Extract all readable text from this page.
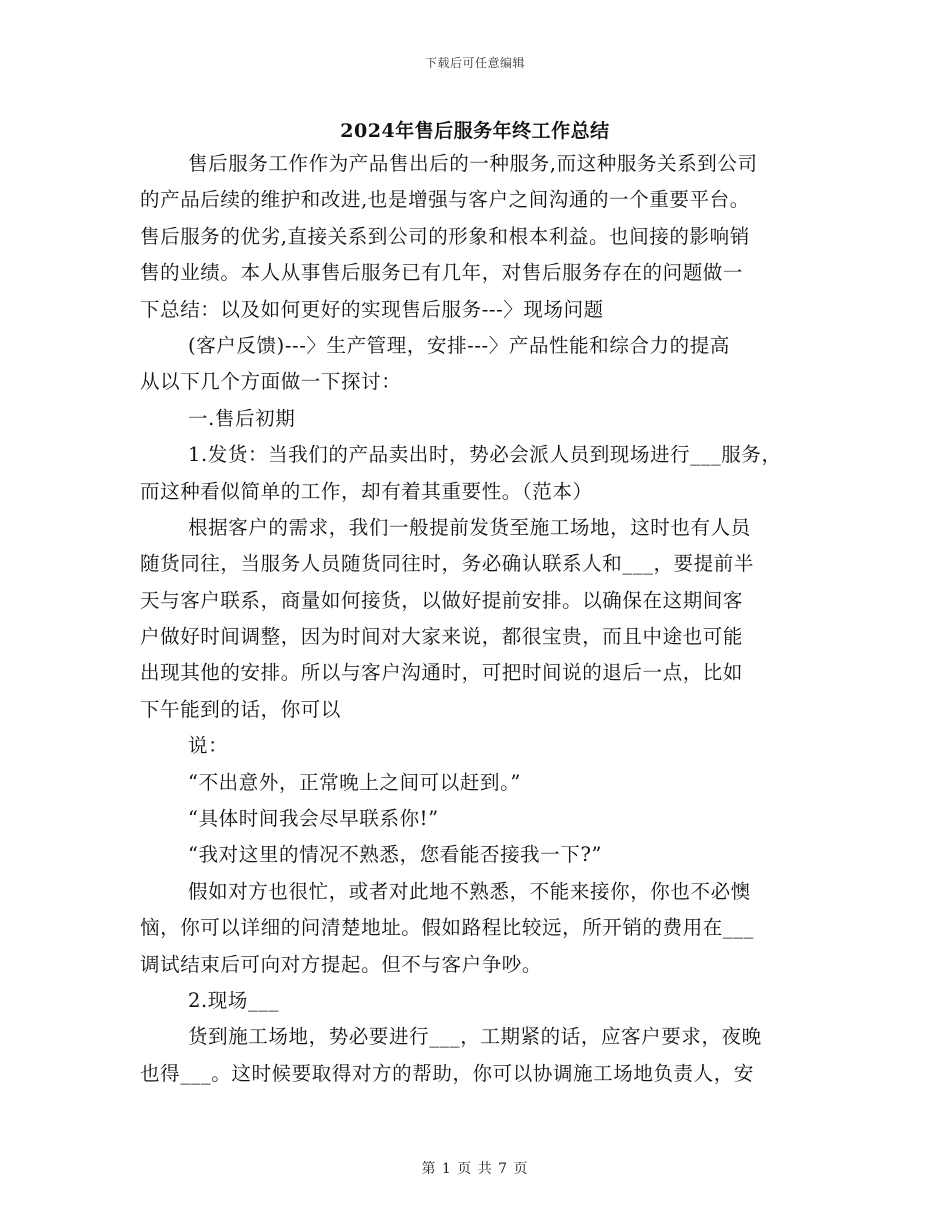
下载后可任意编辑
2024年售后服务年终工作总结
售后服务工作作为产品售出后的一种服务,而这种服务关系到公司
的产品后续的维护和改进,也是增强与客户之间沟通的一个重要平台。
售后服务的优劣,直接关系到公司的形象和根本利益。也间接的影响销
售的业绩。本人从事售后服务已有几年，对售后服务存在的问题做一
下总结：以及如何更好的实现售后服务---〉现场问题
(客户反馈)---〉生产管理，安排---〉产品性能和综合力的提高
从以下几个方面做一下探讨：
一.售后初期
1.发货：当我们的产品卖出时，势必会派人员到现场进行___服务，
而这种看似简单的工作，却有着其重要性。（范本）
根据客户的需求，我们一般提前发货至施工场地，这时也有人员
随货同往，当服务人员随货同往时，务必确认联系人和___，要提前半
天与客户联系，商量如何接货，以做好提前安排。以确保在这期间客
户做好时间调整，因为时间对大家来说，都很宝贵，而且中途也可能
出现其他的安排。所以与客户沟通时，可把时间说的退后一点，比如
下午能到的话，你可以
说：
“不出意外，正常晚上之间可以赶到。”
“具体时间我会尽早联系你!”
“我对这里的情况不熟悉，您看能否接我一下?”
假如对方也很忙，或者对此地不熟悉，不能来接你，你也不必懊
恼，你可以详细的问清楚地址。假如路程比较远，所开销的费用在___
调试结束后可向对方提起。但不与客户争吵。
2.现场___
货到施工场地，势必要进行___，工期紧的话，应客户要求，夜晚
也得___。这时候要取得对方的帮助，你可以协调施工场地负责人，安
第 1 页 共 7 页
